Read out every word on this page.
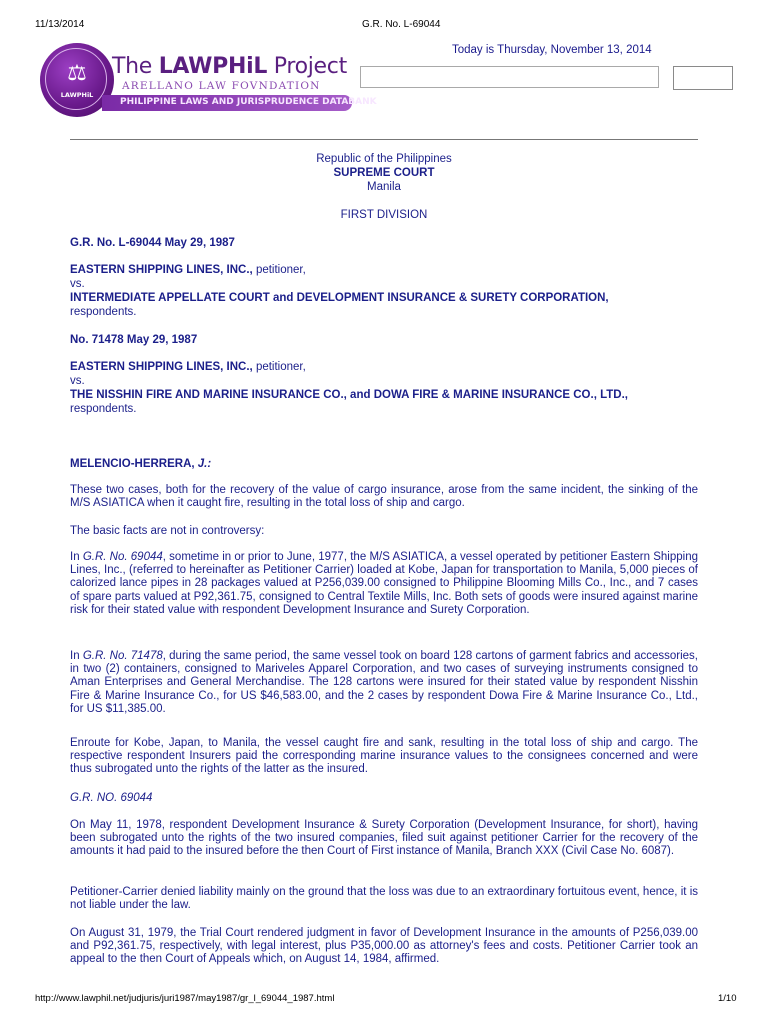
11/13/2014	G.R. No. L-69044
⚖
LAWPHiL
The LAWPHiL Project
ARELLANO LAW FOVNDATION
PHILIPPINE LAWS AND JURISPRUDENCE DATABANK
Today is Thursday, November 13, 2014
Republic of the Philippines
SUPREME COURT
Manila
FIRST DIVISION
G.R. No. L-69044 May 29, 1987
EASTERN SHIPPING LINES, INC., petitioner,
vs.
INTERMEDIATE APPELLATE COURT and DEVELOPMENT INSURANCE & SURETY CORPORATION,
respondents.
No. 71478 May 29, 1987
EASTERN SHIPPING LINES, INC., petitioner,
vs.
THE NISSHIN FIRE AND MARINE INSURANCE CO., and DOWA FIRE & MARINE INSURANCE CO., LTD.,
respondents.
MELENCIO-HERRERA, J.:
These two cases, both for the recovery of the value of cargo insurance, arose from the same incident, the sinking of the M/S ASIATICA when it caught fire, resulting in the total loss of ship and cargo.
The basic facts are not in controversy:
In G.R. No. 69044, sometime in or prior to June, 1977, the M/S ASIATICA, a vessel operated by petitioner Eastern Shipping Lines, Inc., (referred to hereinafter as Petitioner Carrier) loaded at Kobe, Japan for transportation to Manila, 5,000 pieces of calorized lance pipes in 28 packages valued at P256,039.00 consigned to Philippine Blooming Mills Co., Inc., and 7 cases of spare parts valued at P92,361.75, consigned to Central Textile Mills, Inc. Both sets of goods were insured against marine risk for their stated value with respondent Development Insurance and Surety Corporation.
In G.R. No. 71478, during the same period, the same vessel took on board 128 cartons of garment fabrics and accessories, in two (2) containers, consigned to Mariveles Apparel Corporation, and two cases of surveying instruments consigned to Aman Enterprises and General Merchandise. The 128 cartons were insured for their stated value by respondent Nisshin Fire & Marine Insurance Co., for US $46,583.00, and the 2 cases by respondent Dowa Fire & Marine Insurance Co., Ltd., for US $11,385.00.
Enroute for Kobe, Japan, to Manila, the vessel caught fire and sank, resulting in the total loss of ship and cargo. The respective respondent Insurers paid the corresponding marine insurance values to the consignees concerned and were thus subrogated unto the rights of the latter as the insured.
G.R. NO. 69044
On May 11, 1978, respondent Development Insurance & Surety Corporation (Development Insurance, for short), having been subrogated unto the rights of the two insured companies, filed suit against petitioner Carrier for the recovery of the amounts it had paid to the insured before the then Court of First instance of Manila, Branch XXX (Civil Case No. 6087).
Petitioner-Carrier denied liability mainly on the ground that the loss was due to an extraordinary fortuitous event, hence, it is not liable under the law.
On August 31, 1979, the Trial Court rendered judgment in favor of Development Insurance in the amounts of P256,039.00 and P92,361.75, respectively, with legal interest, plus P35,000.00 as attorney's fees and costs. Petitioner Carrier took an appeal to the then Court of Appeals which, on August 14, 1984, affirmed.
http://www.lawphil.net/judjuris/juri1987/may1987/gr_l_69044_1987.html	1/10
